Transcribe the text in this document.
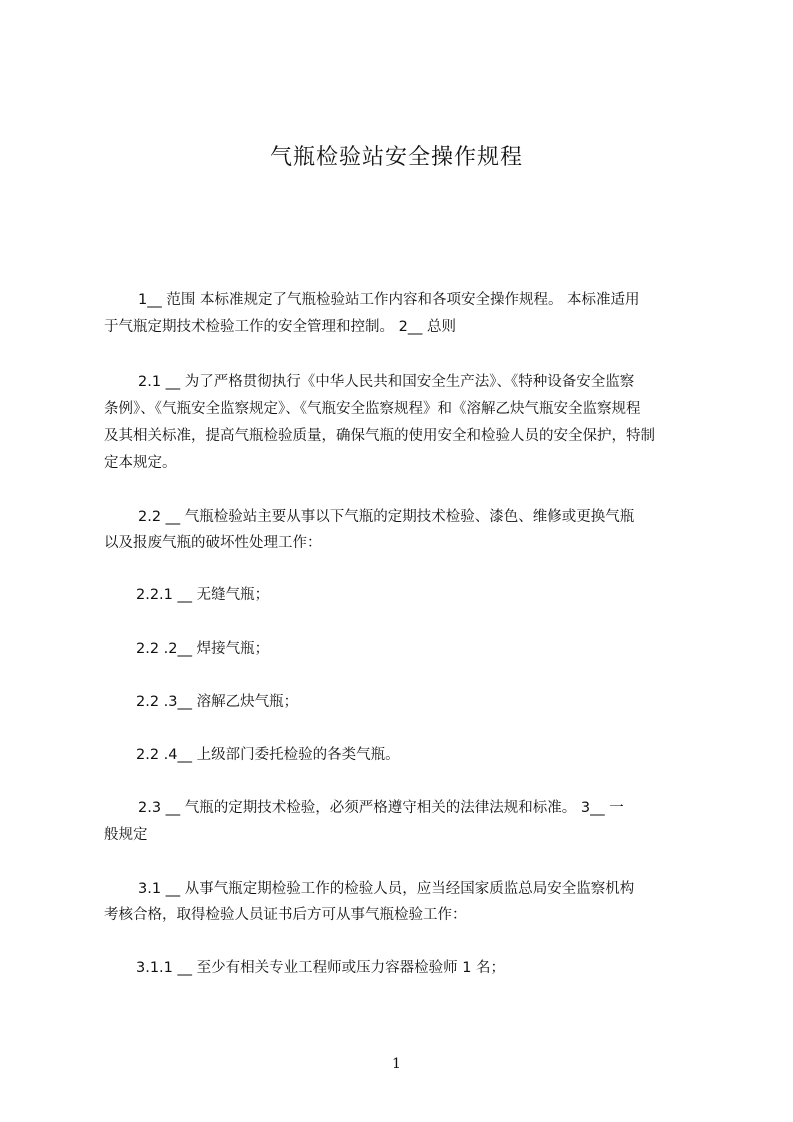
气瓶检验站安全操作规程
1__ 范围 本标准规定了气瓶检验站工作内容和各项安全操作规程。 本标准适用
于气瓶定期技术检验工作的安全管理和控制。 2__ 总则
2.1 __ 为了严格贯彻执行《中华人民共和国安全生产法》、《特种设备安全监察
条例》、《气瓶安全监察规定》、《气瓶安全监察规程》和《溶解乙炔气瓶安全监察规程
及其相关标准，提高气瓶检验质量，确保气瓶的使用安全和检验人员的安全保护，特制
定本规定。
2.2 __ 气瓶检验站主要从事以下气瓶的定期技术检验、漆色、维修或更换气瓶
以及报废气瓶的破坏性处理工作：
2.2.1 __ 无缝气瓶；
2.2 .2__ 焊接气瓶；
2.2 .3__ 溶解乙炔气瓶；
2.2 .4__ 上级部门委托检验的各类气瓶。
2.3 __ 气瓶的定期技术检验，必须严格遵守相关的法律法规和标准。 3__ 一
般规定
3.1 __ 从事气瓶定期检验工作的检验人员，应当经国家质监总局安全监察机构
考核合格，取得检验人员证书后方可从事气瓶检验工作：
3.1.1 __ 至少有相关专业工程师或压力容器检验师 1 名；
1
